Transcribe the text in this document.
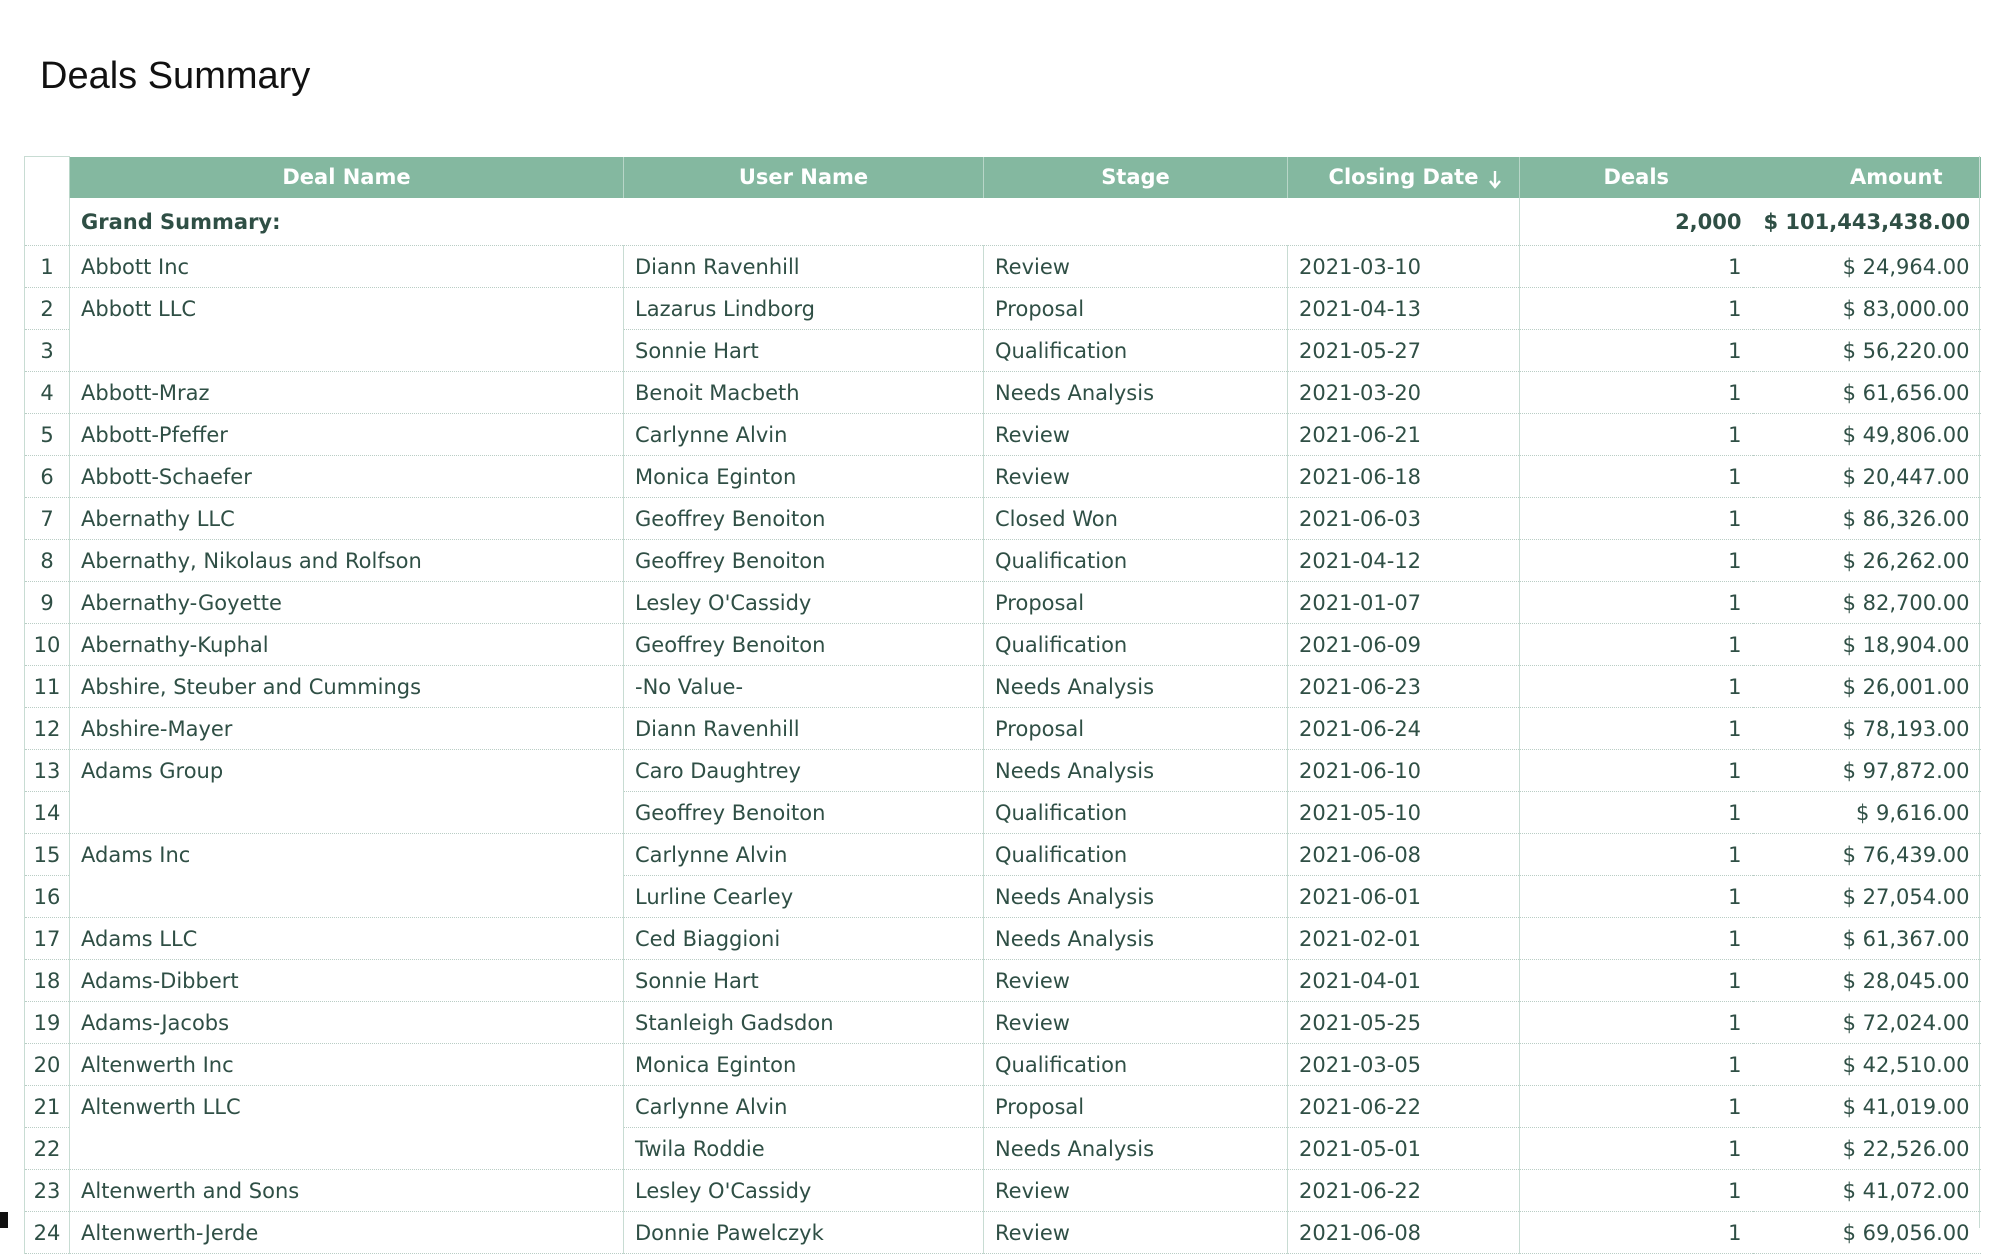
Deals Summary
	Deal Name	User Name	Stage	Closing Date	Deals	Amount
	Grand Summary:				2,000	$ 101,443,438.00
1	Abbott Inc	Diann Ravenhill	Review	2021-03-10	1	$ 24,964.00
2	Abbott LLC	Lazarus Lindborg	Proposal	2021-04-13	1	$ 83,000.00
3		Sonnie Hart	Qualification	2021-05-27	1	$ 56,220.00
4	Abbott-Mraz	Benoit Macbeth	Needs Analysis	2021-03-20	1	$ 61,656.00
5	Abbott-Pfeffer	Carlynne Alvin	Review	2021-06-21	1	$ 49,806.00
6	Abbott-Schaefer	Monica Eginton	Review	2021-06-18	1	$ 20,447.00
7	Abernathy LLC	Geoffrey Benoiton	Closed Won	2021-06-03	1	$ 86,326.00
8	Abernathy, Nikolaus and Rolfson	Geoffrey Benoiton	Qualification	2021-04-12	1	$ 26,262.00
9	Abernathy-Goyette	Lesley O'Cassidy	Proposal	2021-01-07	1	$ 82,700.00
10	Abernathy-Kuphal	Geoffrey Benoiton	Qualification	2021-06-09	1	$ 18,904.00
11	Abshire, Steuber and Cummings	-No Value-	Needs Analysis	2021-06-23	1	$ 26,001.00
12	Abshire-Mayer	Diann Ravenhill	Proposal	2021-06-24	1	$ 78,193.00
13	Adams Group	Caro Daughtrey	Needs Analysis	2021-06-10	1	$ 97,872.00
14		Geoffrey Benoiton	Qualification	2021-05-10	1	$ 9,616.00
15	Adams Inc	Carlynne Alvin	Qualification	2021-06-08	1	$ 76,439.00
16		Lurline Cearley	Needs Analysis	2021-06-01	1	$ 27,054.00
17	Adams LLC	Ced Biaggioni	Needs Analysis	2021-02-01	1	$ 61,367.00
18	Adams-Dibbert	Sonnie Hart	Review	2021-04-01	1	$ 28,045.00
19	Adams-Jacobs	Stanleigh Gadsdon	Review	2021-05-25	1	$ 72,024.00
20	Altenwerth Inc	Monica Eginton	Qualification	2021-03-05	1	$ 42,510.00
21	Altenwerth LLC	Carlynne Alvin	Proposal	2021-06-22	1	$ 41,019.00
22		Twila Roddie	Needs Analysis	2021-05-01	1	$ 22,526.00
23	Altenwerth and Sons	Lesley O'Cassidy	Review	2021-06-22	1	$ 41,072.00
24	Altenwerth-Jerde	Donnie Pawelczyk	Review	2021-06-08	1	$ 69,056.00
